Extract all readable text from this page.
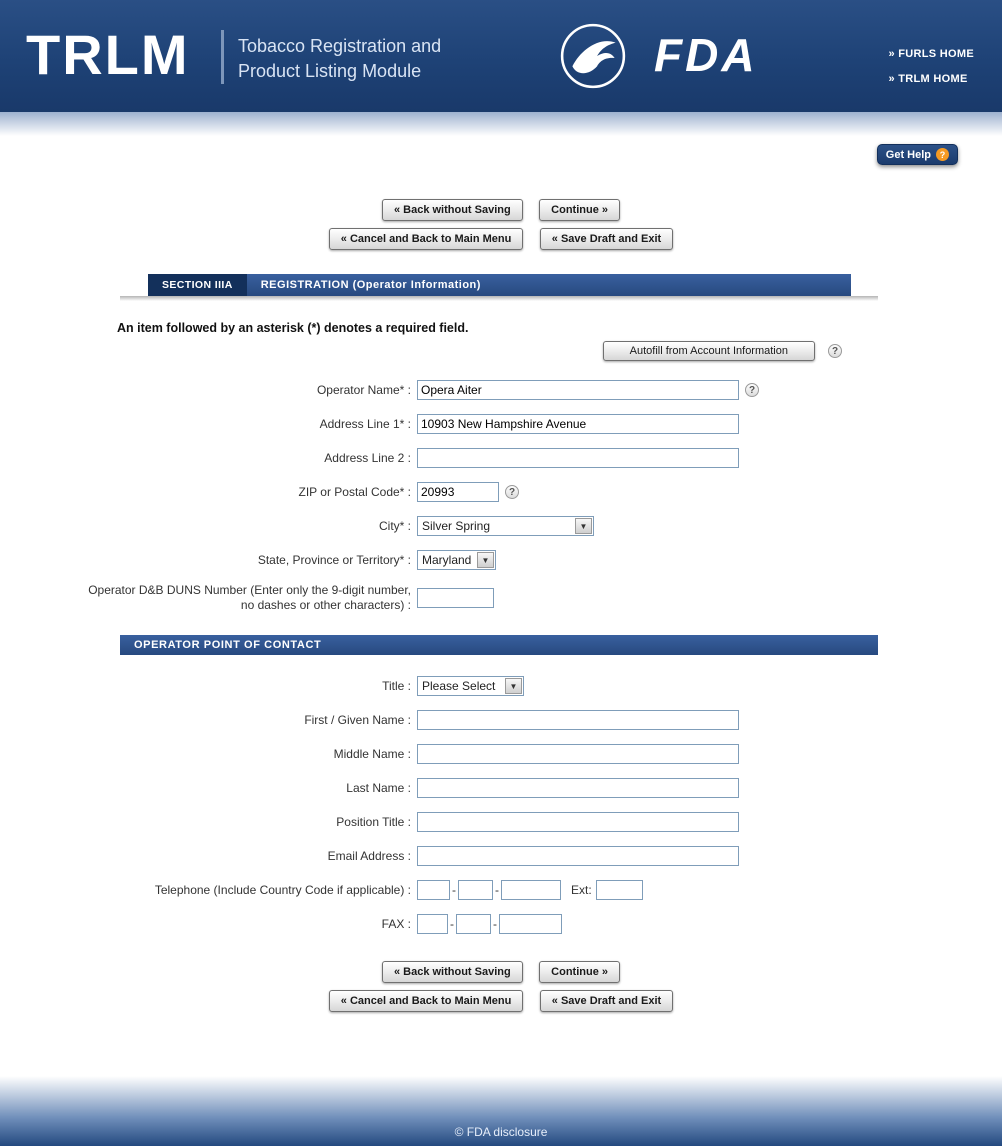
TRLM	Tobacco Registration and
Product Listing Module	FDA	» FURLS HOME
» TRLM HOME
Get Help ?
« Back without Saving	Continue »
« Cancel and Back to Main Menu	« Save Draft and Exit
SECTION IIIA	REGISTRATION (Operator Information)
An item followed by an asterisk (*) denotes a required field.
Autofill from Account Information	?
Operator Name* :
Opera Aiter	?
Address Line 1* :
10903 New Hampshire Avenue
Address Line 2 :
ZIP or Postal Code* :
20993	?
City* : Silver Spring	▼
State, Province or Territory* : Maryland	▼
Operator D&B DUNS Number (Enter only the 9-digit number,
no dashes or other characters) :
OPERATOR POINT OF CONTACT
Title : Please Select	▼
First / Given Name :
Middle Name :
Last Name :
Position Title :
Email Address :
Telephone (Include Country Code if applicable) :	-	-	Ext:
FAX :	-	-
« Back without Saving	Continue »
« Cancel and Back to Main Menu	« Save Draft and Exit
© FDA disclosure
